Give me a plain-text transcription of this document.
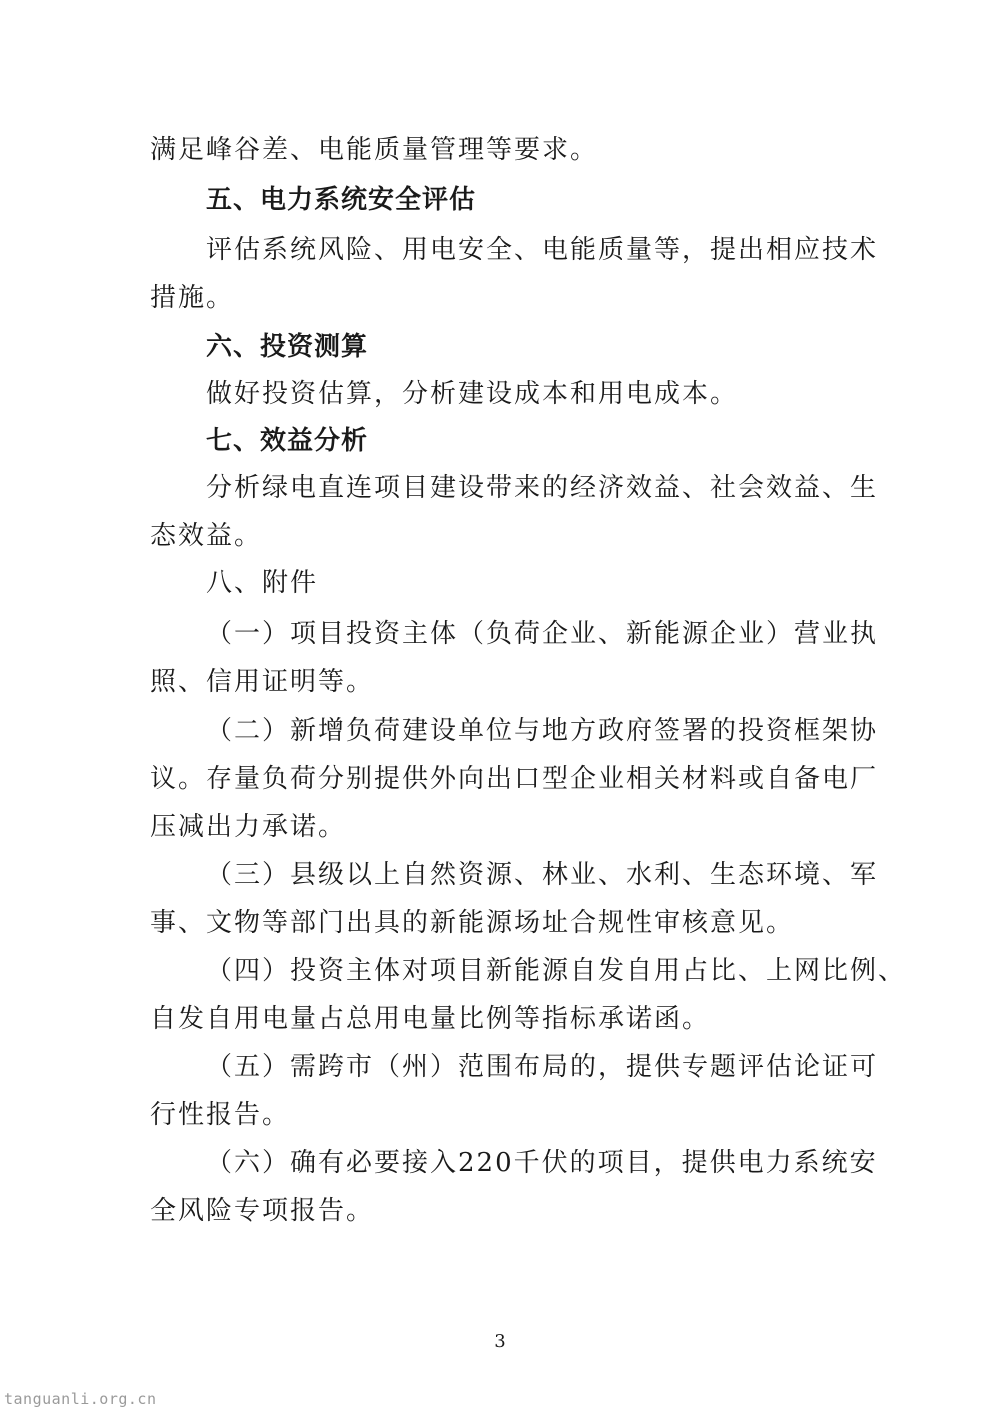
满足峰谷差、电能质量管理等要求。
五、电力系统安全评估
评估系统风险、用电安全、电能质量等，提出相应技术
措施。
六、投资测算
做好投资估算，分析建设成本和用电成本。
七、效益分析
分析绿电直连项目建设带来的经济效益、社会效益、生
态效益。
八、附件
（一）项目投资主体（负荷企业、新能源企业）营业执
照、信用证明等。
（二）新增负荷建设单位与地方政府签署的投资框架协
议。存量负荷分别提供外向出口型企业相关材料或自备电厂
压减出力承诺。
（三）县级以上自然资源、林业、水利、生态环境、军
事、文物等部门出具的新能源场址合规性审核意见。
（四）投资主体对项目新能源自发自用占比、上网比例、
自发自用电量占总用电量比例等指标承诺函。
（五）需跨市（州）范围布局的，提供专题评估论证可
行性报告。
（六）确有必要接入220千伏的项目，提供电力系统安
全风险专项报告。
3
tanguanli.org.cn
